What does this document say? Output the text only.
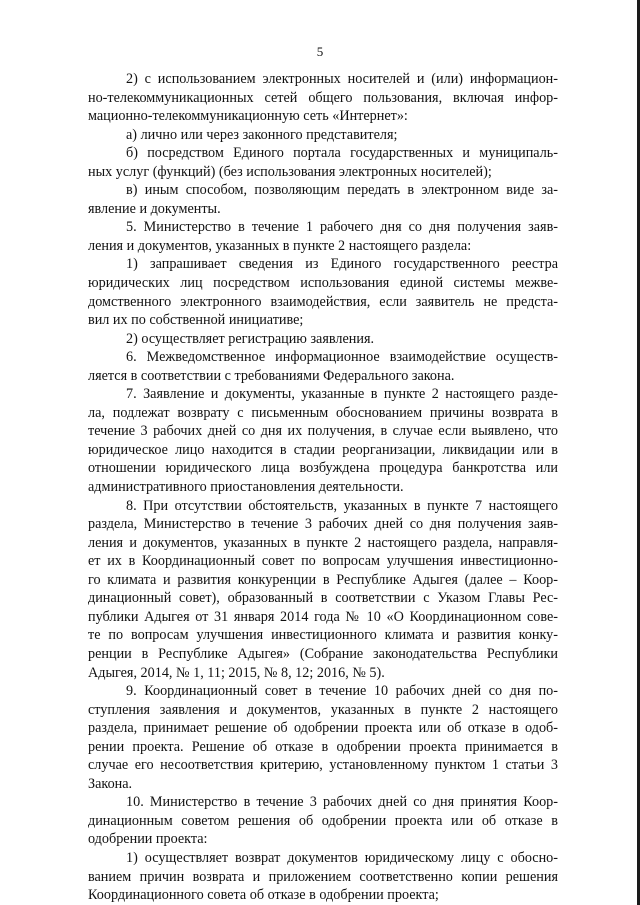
5
2) с использованием электронных носителей и (или) информацион-
но-телекоммуникационных сетей общего пользования, включая инфор-
мационно-телекоммуникационную сеть «Интернет»:
а) лично или через законного представителя;
б) посредством Единого портала государственных и муниципаль-
ных услуг (функций) (без использования электронных носителей);
в) иным способом, позволяющим передать в электронном виде за-
явление и документы.
5. Министерство в течение 1 рабочего дня со дня получения заяв-
ления и документов, указанных в пункте 2 настоящего раздела:
1) запрашивает сведения из Единого государственного реестра
юридических лиц посредством использования единой системы межве-
домственного электронного взаимодействия, если заявитель не предста-
вил их по собственной инициативе;
2) осуществляет регистрацию заявления.
6. Межведомственное информационное взаимодействие осуществ-
ляется в соответствии с требованиями Федерального закона.
7. Заявление и документы, указанные в пункте 2 настоящего разде-
ла, подлежат возврату с письменным обоснованием причины возврата в
течение 3 рабочих дней со дня их получения, в случае если выявлено, что
юридическое лицо находится в стадии реорганизации, ликвидации или в
отношении юридического лица возбуждена процедура банкротства или
административного приостановления деятельности.
8. При отсутствии обстоятельств, указанных в пункте 7 настоящего
раздела, Министерство в течение 3 рабочих дней со дня получения заяв-
ления и документов, указанных в пункте 2 настоящего раздела, направля-
ет их в Координационный совет по вопросам улучшения инвестиционно-
го климата и развития конкуренции в Республике Адыгея (далее – Коор-
динационный совет), образованный в соответствии с Указом Главы Рес-
публики Адыгея от 31 января 2014 года № 10 «О Координационном сове-
те по вопросам улучшения инвестиционного климата и развития конку-
ренции в Республике Адыгея» (Собрание законодательства Республики
Адыгея, 2014, № 1, 11; 2015, № 8, 12; 2016, № 5).
9. Координационный совет в течение 10 рабочих дней со дня по-
ступления заявления и документов, указанных в пункте 2 настоящего
раздела, принимает решение об одобрении проекта или об отказе в одоб-
рении проекта. Решение об отказе в одобрении проекта принимается в
случае его несоответствия критерию, установленному пунктом 1 статьи 3
Закона.
10. Министерство в течение 3 рабочих дней со дня принятия Коор-
динационным советом решения об одобрении проекта или об отказе в
одобрении проекта:
1) осуществляет возврат документов юридическому лицу с обосно-
ванием причин возврата и приложением соответственно копии решения
Координационного совета об отказе в одобрении проекта;
